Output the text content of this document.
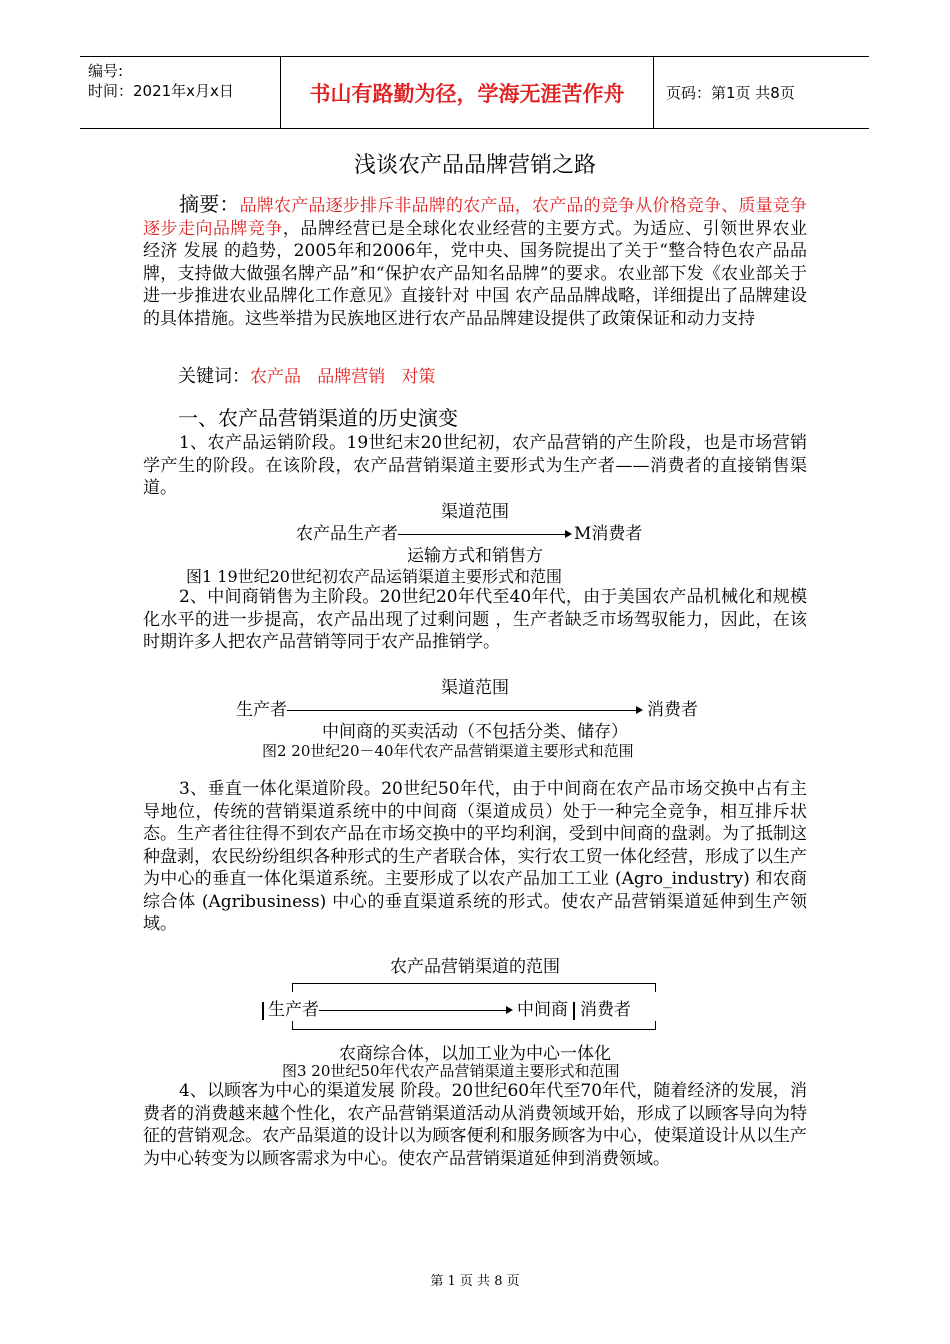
编号:
时间：2021年x月x日	书山有路勤为径，学海无涯苦作舟	页码：第1页 共8页
浅谈农产品品牌营销之路

摘要：品牌农产品逐步排斥非品牌的农产品，农产品的竞争从价格竞争、质量竞争逐步走向品牌竞争，品牌经营已是全球化农业经营的主要方式。为适应、引领世界农业 经济 发展 的趋势，2005年和2006年，党中央、国务院提出了关于“整合特色农产品品牌，支持做大做强名牌产品”和“保护农产品知名品牌”的要求。农业部下发《农业部关于进一步推进农业品牌化工作意见》直接针对 中国 农产品品牌战略，详细提出了品牌建设的具体措施。这些举措为民族地区进行农产品品牌建设提供了政策保证和动力支持

关键词：农产品   品牌营销   对策
一、农产品营销渠道的历史演变

1、农产品运销阶段。19世纪末20世纪初，农产品营销的产生阶段，也是市场营销学产生的阶段。在该阶段，农产品营销渠道主要形式为生产者——消费者的直接销售渠道。

渠道范围
农产品生产者	M消费者
运输方式和销售方
图1 19世纪20世纪初农产品运销渠道主要形式和范围

2、中间商销售为主阶段。20世纪20年代至40年代，由于美国农产品机械化和规模化水平的进一步提高，农产品出现了过剩问题 ，生产者缺乏市场驾驭能力，因此，在该时期许多人把农产品营销等同于农产品推销学。

渠道范围
生产者	消费者
中间商的买卖活动（不包括分类、储存）
图2 20世纪20－40年代农产品营销渠道主要形式和范围

3、垂直一体化渠道阶段。20世纪50年代，由于中间商在农产品市场交换中占有主导地位，传统的营销渠道系统中的中间商（渠道成员）处于一种完全竞争，相互排斥状态。生产者往往得不到农产品在市场交换中的平均利润，受到中间商的盘剥。为了抵制这种盘剥，农民纷纷组织各种形式的生产者联合体，实行农工贸一体化经营，形成了以生产为中心的垂直一体化渠道系统。主要形成了以农产品加工工业 (Agro_industry) 和农商综合体 (Agribusiness) 中心的垂直渠道系统的形式。使农产品营销渠道延伸到生产领域。

农产品营销渠道的范围
生产者	中间商 消费者
农商综合体，以加工业为中心一体化
图3 20世纪50年代农产品营销渠道主要形式和范围

4、以顾客为中心的渠道发展 阶段。20世纪60年代至70年代，随着经济的发展，消费者的消费越来越个性化，农产品营销渠道活动从消费领域开始，形成了以顾客导向为特征的营销观念。农产品渠道的设计以为顾客便利和服务顾客为中心，使渠道设计从以生产为中心转变为以顾客需求为中心。使农产品营销渠道延伸到消费领域。

第 1 页 共 8 页
